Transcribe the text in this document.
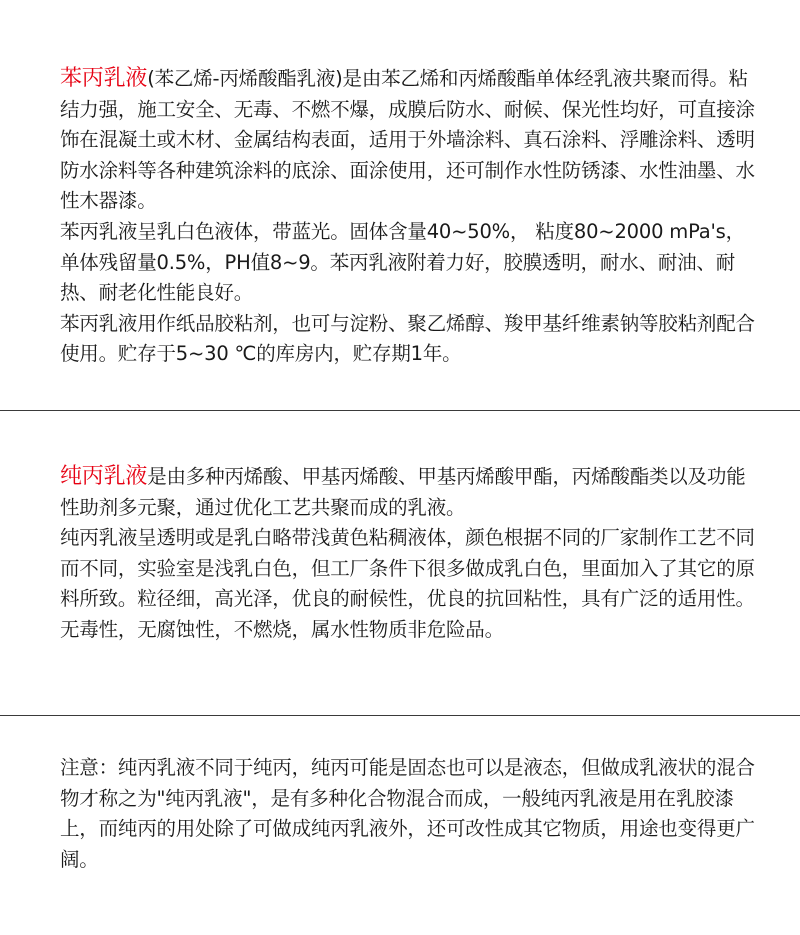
苯丙乳液(苯乙烯-丙烯酸酯乳液)是由苯乙烯和丙烯酸酯单体经乳液共聚而得。粘结力强，施工安全、无毒、不燃不爆，成膜后防水、耐候、保光性均好，可直接涂饰在混凝土或木材、金属结构表面，适用于外墙涂料、真石涂料、浮雕涂料、透明防水涂料等各种建筑涂料的底涂、面涂使用，还可制作水性防锈漆、水性油墨、水性木器漆。

苯丙乳液呈乳白色液体，带蓝光。固体含量40~50%， 粘度80~2000 mPa's，单体残留量0.5%，PH值8~9。苯丙乳液附着力好，胶膜透明，耐水、耐油、耐热、耐老化性能良好。

苯丙乳液用作纸品胶粘剂，也可与淀粉、聚乙烯醇、羧甲基纤维素钠等胶粘剂配合使用。贮存于5~30 ℃的库房内，贮存期1年。

纯丙乳液是由多种丙烯酸、甲基丙烯酸、甲基丙烯酸甲酯，丙烯酸酯类以及功能性助剂多元聚，通过优化工艺共聚而成的乳液。

纯丙乳液呈透明或是乳白略带浅黄色粘稠液体，颜色根据不同的厂家制作工艺不同而不同，实验室是浅乳白色，但工厂条件下很多做成乳白色，里面加入了其它的原料所致。粒径细，高光泽，优良的耐候性，优良的抗回粘性，具有广泛的适用性。无毒性，无腐蚀性，不燃烧，属水性物质非危险品。

注意：纯丙乳液不同于纯丙，纯丙可能是固态也可以是液态，但做成乳液状的混合物才称之为"纯丙乳液"，是有多种化合物混合而成，一般纯丙乳液是用在乳胶漆上，而纯丙的用处除了可做成纯丙乳液外，还可改性成其它物质，用途也变得更广阔。
